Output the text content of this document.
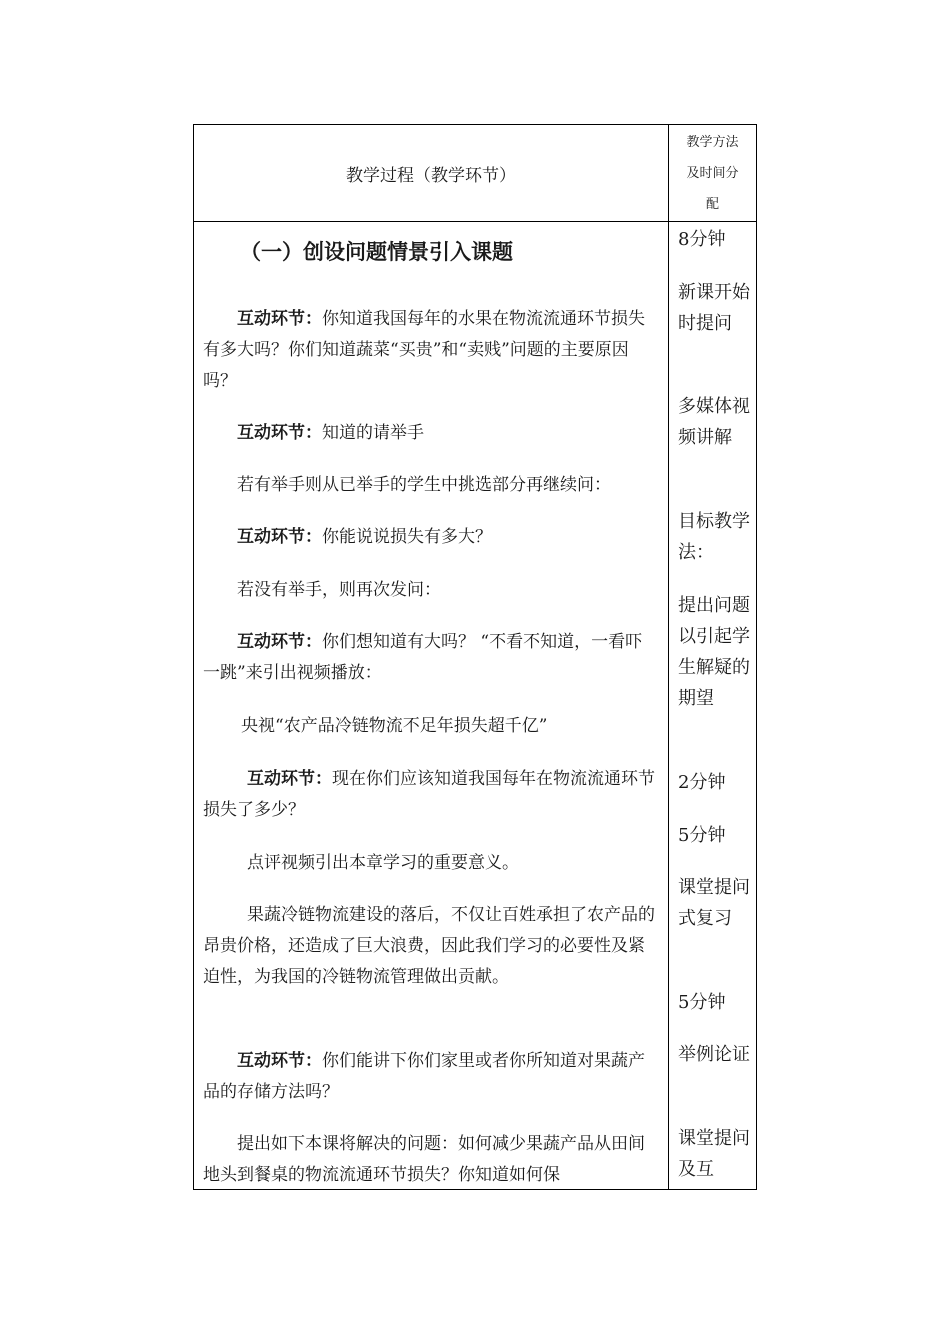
教学过程（教学环节）
教学方法
及时间分
配

（一）创设问题情景引入课题

互动环节：你知道我国每年的水果在物流流通环节损失有多大吗？你们知道蔬菜“买贵”和“卖贱”问题的主要原因吗？

互动环节：知道的请举手

若有举手则从已举手的学生中挑选部分再继续问：

互动环节：你能说说损失有多大？

若没有举手，则再次发问：

互动环节：你们想知道有大吗？ “不看不知道，一看吓一跳”来引出视频播放：

央视“农产品冷链物流不足年损失超千亿”

互动环节：现在你们应该知道我国每年在物流流通环节损失了多少？

点评视频引出本章学习的重要意义。

果蔬冷链物流建设的落后，不仅让百姓承担了农产品的昂贵价格，还造成了巨大浪费，因此我们学习的必要性及紧迫性，为我国的冷链物流管理做出贡献。

互动环节：你们能讲下你们家里或者你所知道对果蔬产品的存储方法吗？

提出如下本课将解决的问题：如何减少果蔬产品从田间地头到餐桌的物流流通环节损失？你知道如何保

8分钟

新课开始时提问

多媒体视频讲解

目标教学法：

提出问题以引起学生解疑的期望

2分钟

5分钟

课堂提问式复习

5分钟

举例论证

课堂提问及互
